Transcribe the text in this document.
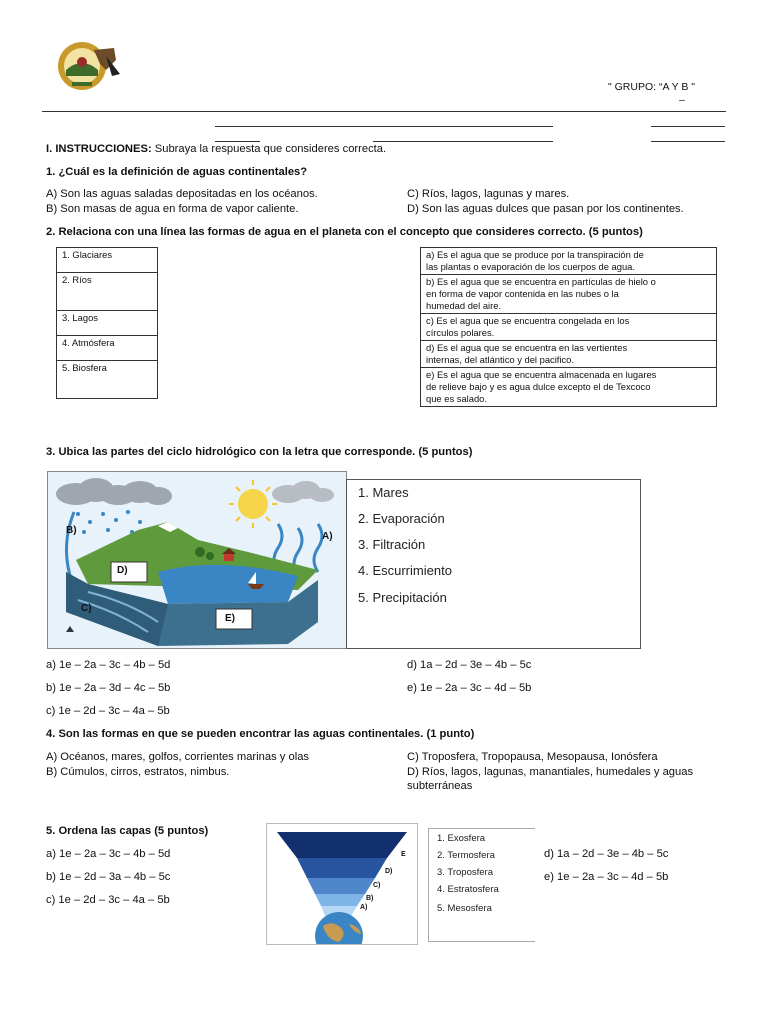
" GRUPO: “A Y B "
–
I. INSTRUCCIONES: Subraya la respuesta que consideres correcta.
1. ¿Cuál es la definición de aguas continentales?
A) Son las aguas saladas depositadas en los océanos.
B) Son masas de agua en forma de vapor caliente.
C) Ríos, lagos, lagunas y mares.
D) Son las aguas dulces que pasan por los continentes.
2. Relaciona con una línea las formas de agua en el planeta con el concepto que consideres correcto. (5 puntos)
1. Glaciares
2. Ríos
3. Lagos
4. Atmósfera
5. Biosfera
a) Es el agua que se produce por la transpiración de
las plantas o evaporación de los cuerpos de agua.

b) Es el agua que se encuentra en partículas de hielo o
en forma de vapor contenida en las nubes o la
humedad del aire.

c) Es el agua que se encuentra congelada en los
círculos polares.

d) Es el agua que se encuentra en las vertientes
internas, del atlántico y del pacifico.

e) Es el agua que se encuentra almacenada en lugares
de relieve bajo y es agua dulce excepto el de Texcoco
que es salado.
3. Ubica las partes del ciclo hidrológico con la letra que corresponde. (5 puntos)
B)
A)
D)
C)
E)
1. Mares
2. Evaporación
3. Filtración
4. Escurrimiento
5. Precipitación
a) 1e – 2a – 3c – 4b – 5d
b) 1e – 2a – 3d – 4c – 5b
c) 1e – 2d – 3c – 4a – 5b
d) 1a – 2d – 3e – 4b – 5c
e) 1e – 2a – 3c – 4d – 5b
4. Son las formas en que se pueden encontrar las aguas continentales. (1 punto)
A) Océanos, mares, golfos, corrientes marinas y olas
B) Cúmulos, cirros, estratos, nimbus.
C) Troposfera, Tropopausa, Mesopausa, Ionósfera
D) Ríos, lagos, lagunas, manantiales, humedales y aguas
subterráneas
5. Ordena las capas (5 puntos)
a) 1e – 2a – 3c – 4b – 5d
b) 1e – 2d – 3a – 4b – 5c
c) 1e – 2d – 3c – 4a – 5b
E
D)
C)
B)
A)
1. Exosfera
2. Termosfera
3. Troposfera
4. Estratosfera
5. Mesosfera
d) 1a – 2d – 3e – 4b – 5c
e) 1e – 2a – 3c – 4d – 5b
